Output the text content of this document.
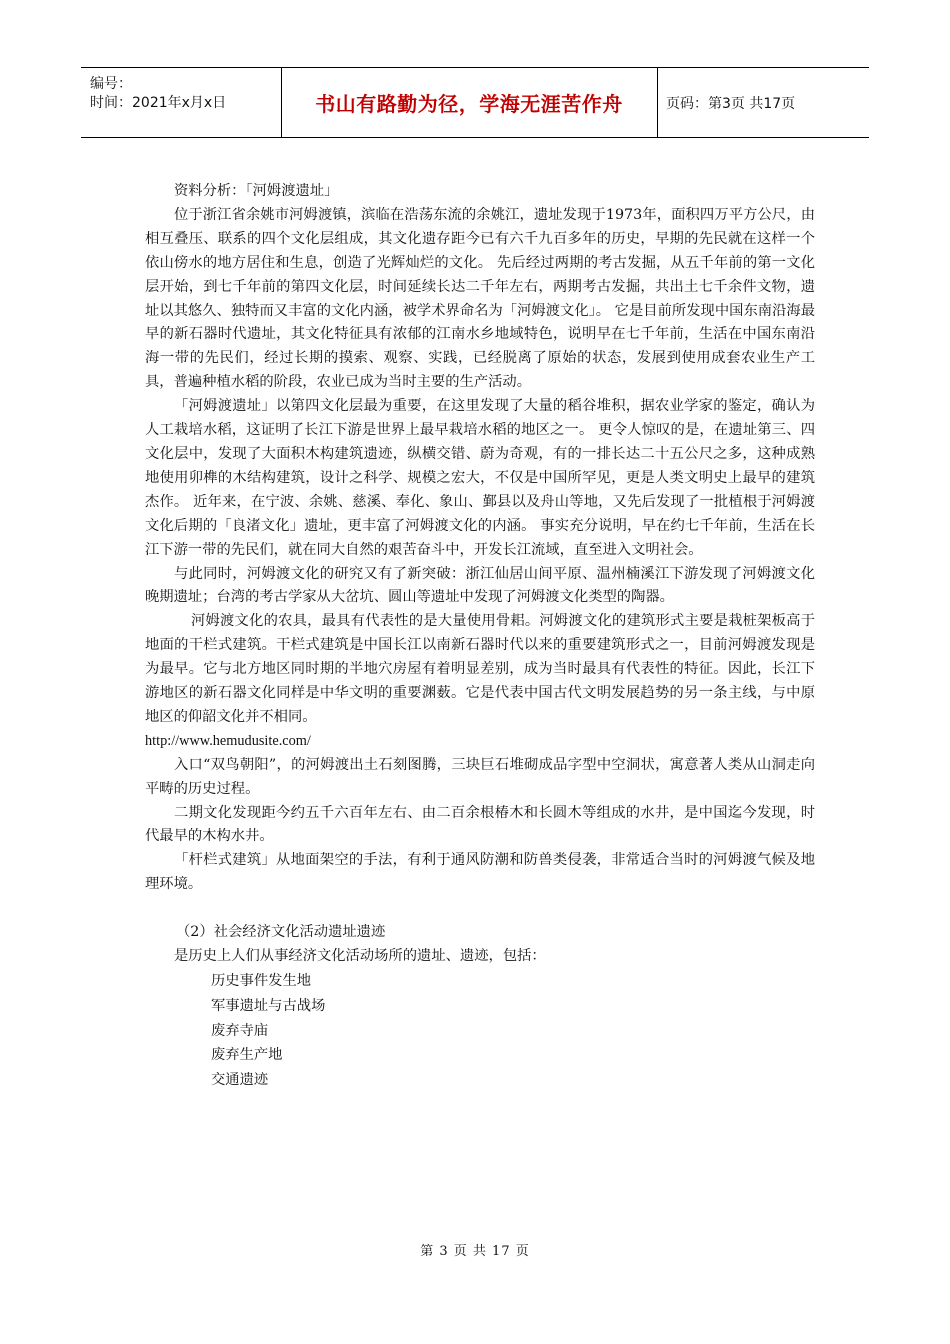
编号：
时间：2021年x月x日	书山有路勤为径，学海无涯苦作舟	页码：第3页 共17页

资料分析：「河姆渡遗址」

位于浙江省余姚市河姆渡镇，滨临在浩荡东流的余姚江，遗址发现于1973年，面积四万平方公尺，由相互叠压、联系的四个文化层组成，其文化遗存距今已有六千九百多年的历史，早期的先民就在这样一个依山傍水的地方居住和生息，创造了光辉灿烂的文化。 先后经过两期的考古发掘，从五千年前的第一文化层开始，到七千年前的第四文化层，时间延续长达二千年左右，两期考古发掘，共出土七千余件文物，遗址以其悠久、独特而又丰富的文化内涵，被学术界命名为「河姆渡文化」。 它是目前所发现中国东南沿海最早的新石器时代遗址，其文化特征具有浓郁的江南水乡地域特色，说明早在七千年前，生活在中国东南沿海一带的先民们，经过长期的摸索、观察、实践，已经脱离了原始的状态，发展到使用成套农业生产工具，普遍种植水稻的阶段，农业已成为当时主要的生产活动。

「河姆渡遗址」以第四文化层最为重要，在这里发现了大量的稻谷堆积，据农业学家的鉴定，确认为人工栽培水稻，这证明了长江下游是世界上最早栽培水稻的地区之一。 更令人惊叹的是，在遗址第三、四文化层中，发现了大面积木构建筑遗迹，纵横交错、蔚为奇观，有的一排长达二十五公尺之多，这种成熟地使用卯榫的木结构建筑，设计之科学、规模之宏大，不仅是中国所罕见，更是人类文明史上最早的建筑杰作。 近年来，在宁波、余姚、慈溪、奉化、象山、鄞县以及舟山等地，又先后发现了一批植根于河姆渡文化后期的「良渚文化」遗址，更丰富了河姆渡文化的内涵。 事实充分说明，早在约七千年前，生活在长江下游一带的先民们，就在同大自然的艰苦奋斗中，开发长江流域，直至进入文明社会。

与此同时，河姆渡文化的研究又有了新突破：浙江仙居山间平原、温州楠溪江下游发现了河姆渡文化晚期遗址；台湾的考古学家从大岔坑、圆山等遗址中发现了河姆渡文化类型的陶器。

河姆渡文化的农具，最具有代表性的是大量使用骨耜。河姆渡文化的建筑形式主要是栽桩架板高于地面的干栏式建筑。干栏式建筑是中国长江以南新石器时代以来的重要建筑形式之一，目前河姆渡发现是为最早。它与北方地区同时期的半地穴房屋有着明显差别，成为当时最具有代表性的特征。因此，长江下游地区的新石器文化同样是中华文明的重要渊薮。它是代表中国古代文明发展趋势的另一条主线，与中原地区的仰韶文化并不相同。

http://www.hemudusite.com/

入口“双鸟朝阳”，的河姆渡出土石刻图腾，三块巨石堆砌成品字型中空洞状，寓意著人类从山洞走向平畴的历史过程。

二期文化发现距今约五千六百年左右、由二百余根椿木和长圆木等组成的水井，是中国迄今发现，时代最早的木构水井。

「杆栏式建筑」从地面架空的手法，有利于通风防潮和防兽类侵袭，非常适合当时的河姆渡气候及地理环境。

（2）社会经济文化活动遗址遗迹

是历史上人们从事经济文化活动场所的遗址、遗迹，包括：

历史事件发生地
军事遗址与古战场
废弃寺庙
废弃生产地
交通遗迹
第 3 页 共 17 页
